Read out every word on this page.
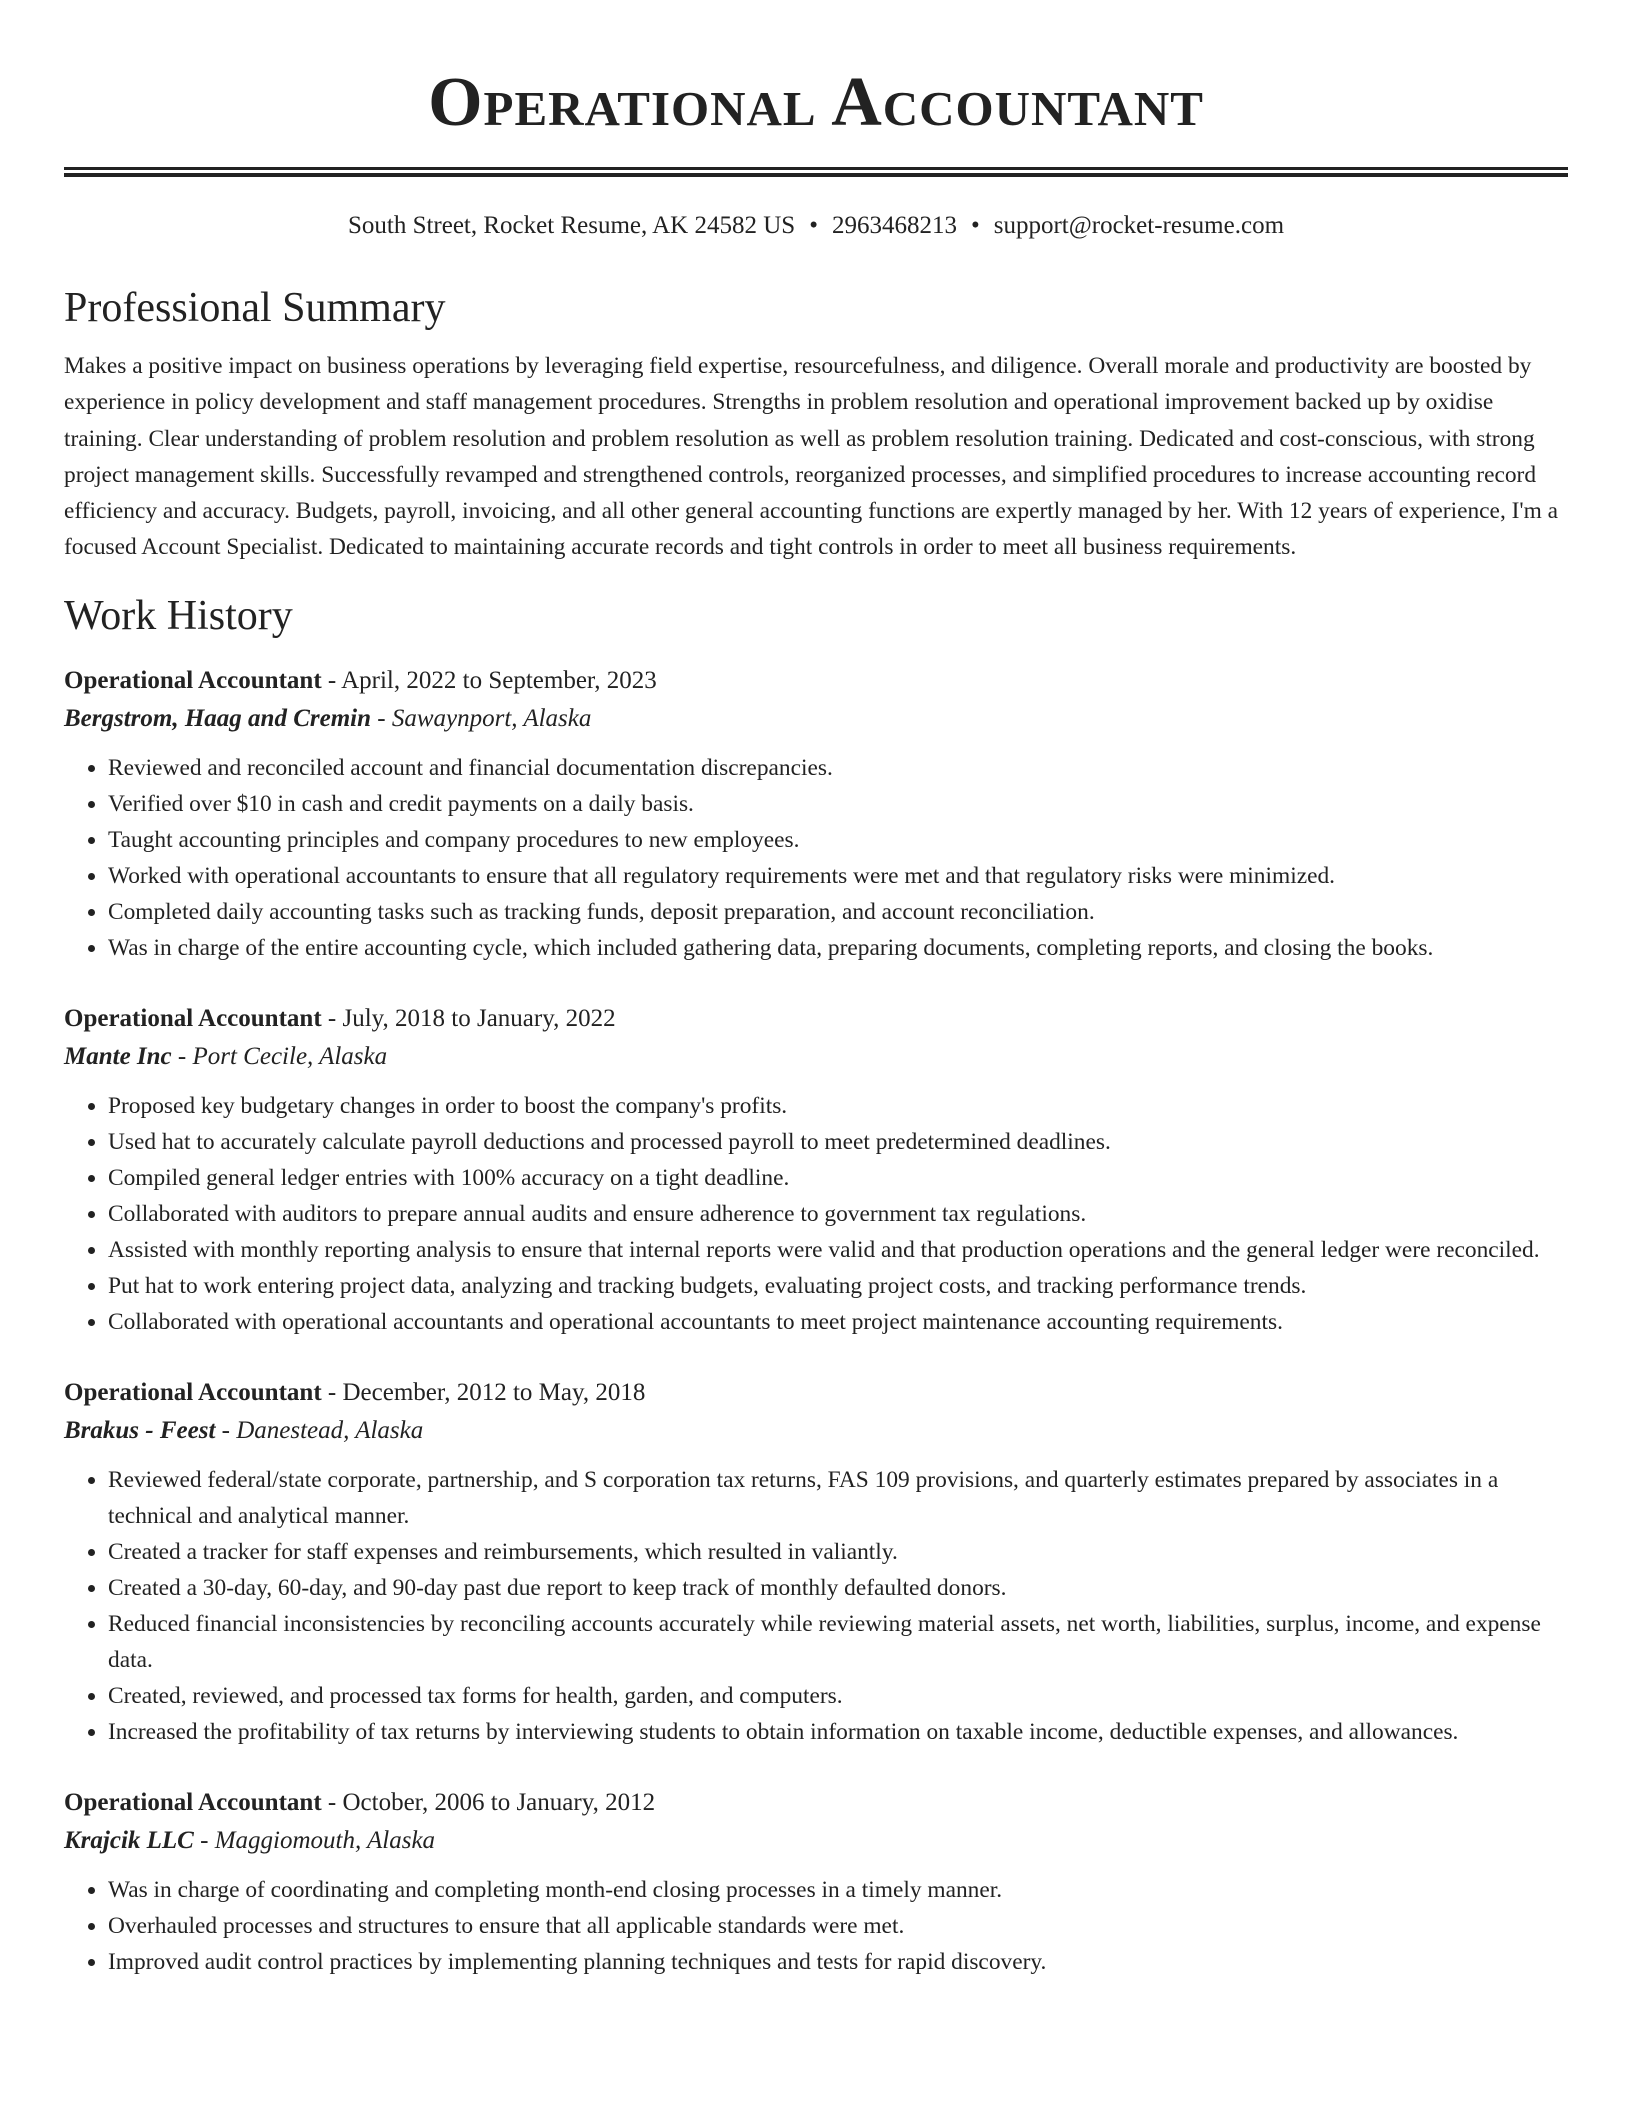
Operational Accountant
South Street, Rocket Resume, AK 24582 US • 2963468213 • support@rocket-resume.com
Professional Summary
Makes a positive impact on business operations by leveraging field expertise, resourcefulness, and diligence. Overall morale and productivity are boosted by experience in policy development and staff management procedures. Strengths in problem resolution and operational improvement backed up by oxidise training. Clear understanding of problem resolution and problem resolution as well as problem resolution training. Dedicated and cost-conscious, with strong project management skills. Successfully revamped and strengthened controls, reorganized processes, and simplified procedures to increase accounting record efficiency and accuracy. Budgets, payroll, invoicing, and all other general accounting functions are expertly managed by her. With 12 years of experience, I'm a focused Account Specialist. Dedicated to maintaining accurate records and tight controls in order to meet all business requirements.
Work History
Operational Accountant - April, 2022 to September, 2023
Bergstrom, Haag and Cremin - Sawaynport, Alaska
• Reviewed and reconciled account and financial documentation discrepancies.
• Verified over $10 in cash and credit payments on a daily basis.
• Taught accounting principles and company procedures to new employees.
• Worked with operational accountants to ensure that all regulatory requirements were met and that regulatory risks were minimized.
• Completed daily accounting tasks such as tracking funds, deposit preparation, and account reconciliation.
• Was in charge of the entire accounting cycle, which included gathering data, preparing documents, completing reports, and closing the books.
Operational Accountant - July, 2018 to January, 2022
Mante Inc - Port Cecile, Alaska
• Proposed key budgetary changes in order to boost the company's profits.
• Used hat to accurately calculate payroll deductions and processed payroll to meet predetermined deadlines.
• Compiled general ledger entries with 100% accuracy on a tight deadline.
• Collaborated with auditors to prepare annual audits and ensure adherence to government tax regulations.
• Assisted with monthly reporting analysis to ensure that internal reports were valid and that production operations and the general ledger were reconciled.
• Put hat to work entering project data, analyzing and tracking budgets, evaluating project costs, and tracking performance trends.
• Collaborated with operational accountants and operational accountants to meet project maintenance accounting requirements.
Operational Accountant - December, 2012 to May, 2018
Brakus - Feest - Danestead, Alaska
• Reviewed federal/state corporate, partnership, and S corporation tax returns, FAS 109 provisions, and quarterly estimates prepared by associates in a technical and analytical manner.
• Created a tracker for staff expenses and reimbursements, which resulted in valiantly.
• Created a 30-day, 60-day, and 90-day past due report to keep track of monthly defaulted donors.
• Reduced financial inconsistencies by reconciling accounts accurately while reviewing material assets, net worth, liabilities, surplus, income, and expense data.
• Created, reviewed, and processed tax forms for health, garden, and computers.
• Increased the profitability of tax returns by interviewing students to obtain information on taxable income, deductible expenses, and allowances.
Operational Accountant - October, 2006 to January, 2012
Krajcik LLC - Maggiomouth, Alaska
• Was in charge of coordinating and completing month-end closing processes in a timely manner.
• Overhauled processes and structures to ensure that all applicable standards were met.
• Improved audit control practices by implementing planning techniques and tests for rapid discovery.
